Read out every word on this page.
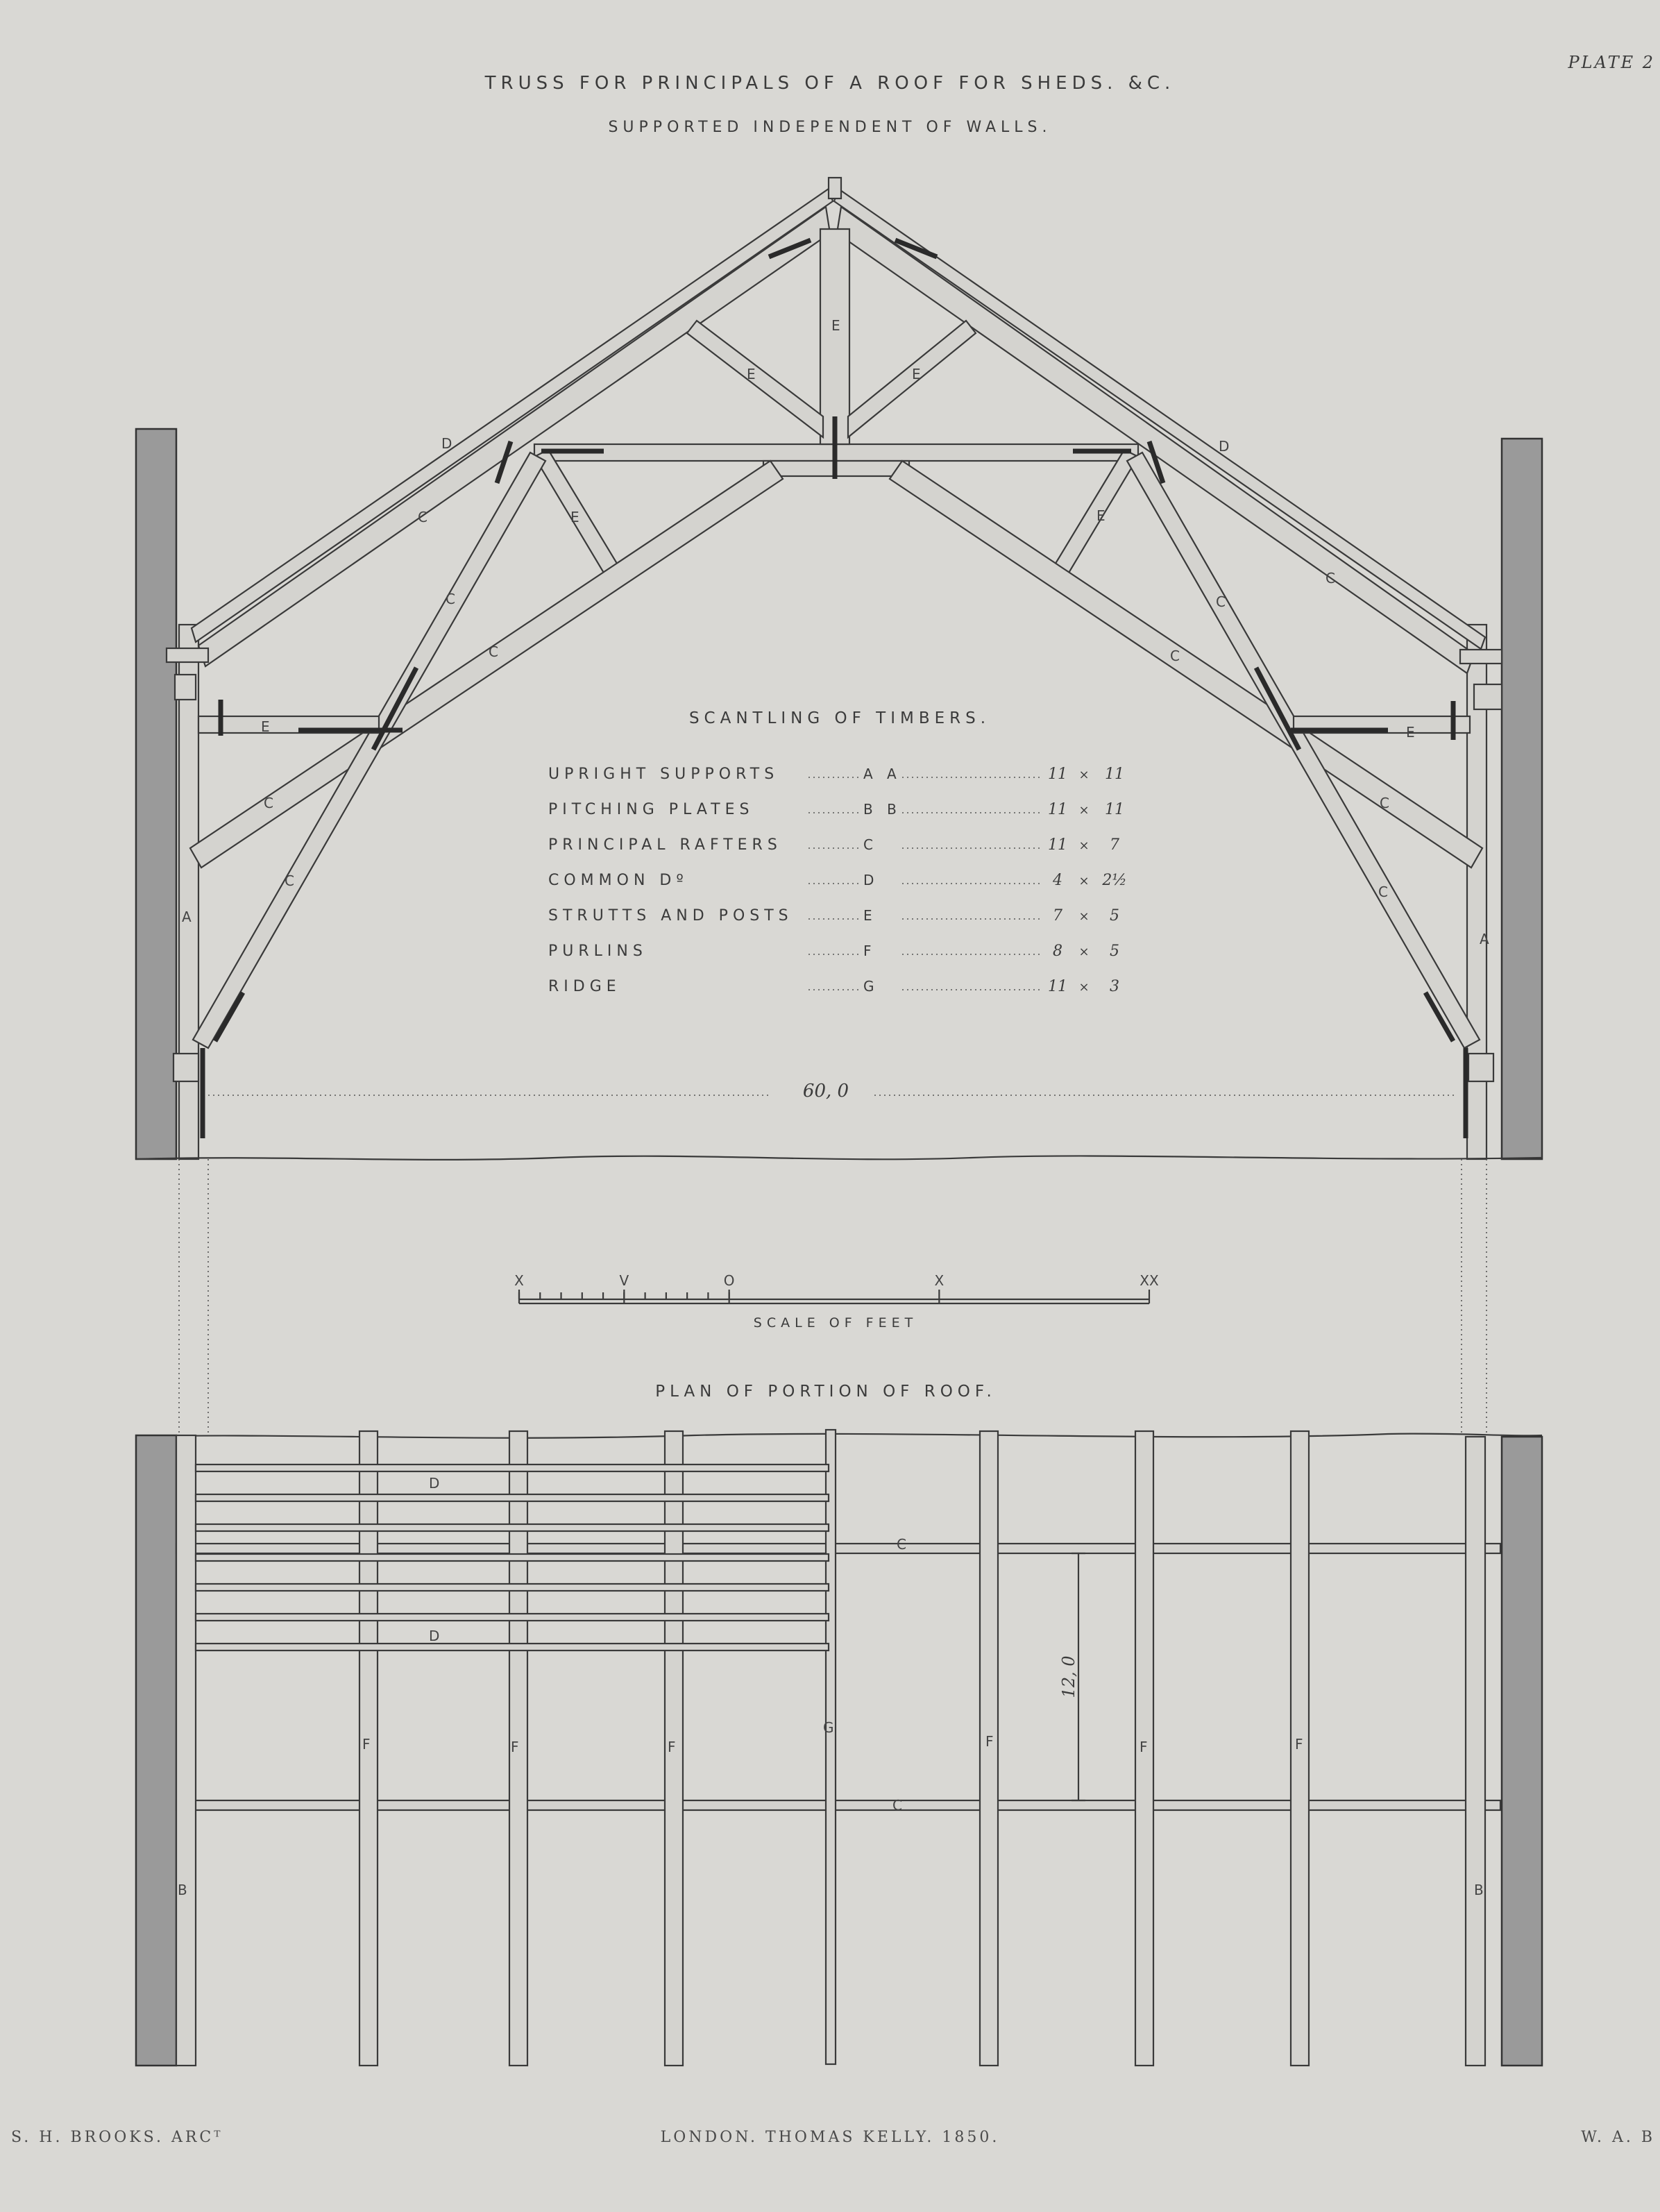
TRUSS FOR PRINCIPALS OF A ROOF FOR SHEDS. &C.
SUPPORTED INDEPENDENT OF WALLS.
PLATE 2
D	D
E
E	E
E	E
E	E
C
C
C
C
C
C
C
C
C
C
A
A
60, 0
SCANTLING OF TIMBERS.
UPRIGHT SUPPORTS	A A	11 × 11
PITCHING PLATES	B B	11 × 11
PRINCIPAL RAFTERS	C	11 × 7
COMMON Dº	D	4 × 2½
STRUTTS AND POSTS	E	7 × 5
PURLINS	F	8 × 5
RIDGE	G	11 × 3
X	V	O	X	XX
SCALE OF FEET
PLAN OF PORTION OF ROOF.
12, 0
D
D
C
C
G
B	B
F	F	F	F	F	F
S. H. BROOKS. ARCᵀ	LONDON. THOMAS KELLY. 1850.	W. A. B
